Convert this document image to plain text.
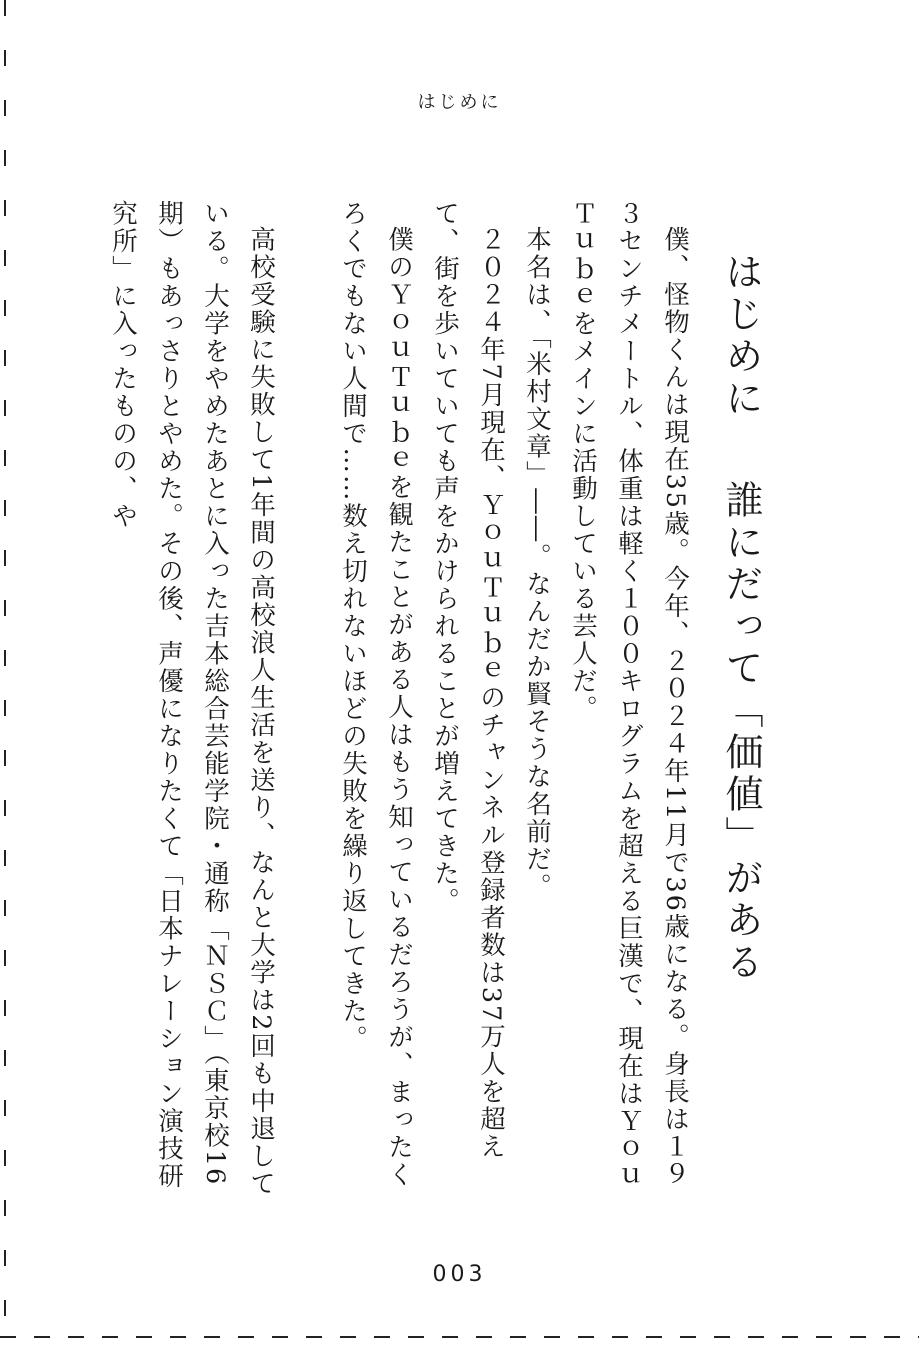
はじめに
はじめに
誰にだって「価値」がある

僕、怪物くんは現在35歳。今年、２０２４年11月で36歳になる。身長は１９３センチメートル、体重は軽く１００キログラムを超える巨漢で、現在はＹｏｕＴｕｂｅをメインに活動している芸人だ。

本名は、「米村文章」――。なんだか賢そうな名前だ。

２０２４年7月現在、ＹｏｕＴｕｂｅのチャンネル登録者数は37万人を超えて、街を歩いていても声をかけられることが増えてきた。

僕のＹｏｕＴｕｂｅを観たことがある人はもう知っているだろうが、まったくろくでもない人間で……数え切れないほどの失敗を繰り返してきた。

高校受験に失敗して1年間の高校浪人生活を送り、なんと大学は2回も中退している。大学をやめたあとに入った吉本総合芸能学院・通称「ＮＳＣ」（東京校16期）もあっさりとやめた。その後、声優になりたくて「日本ナレーション演技研究所」に入ったものの、や

003
